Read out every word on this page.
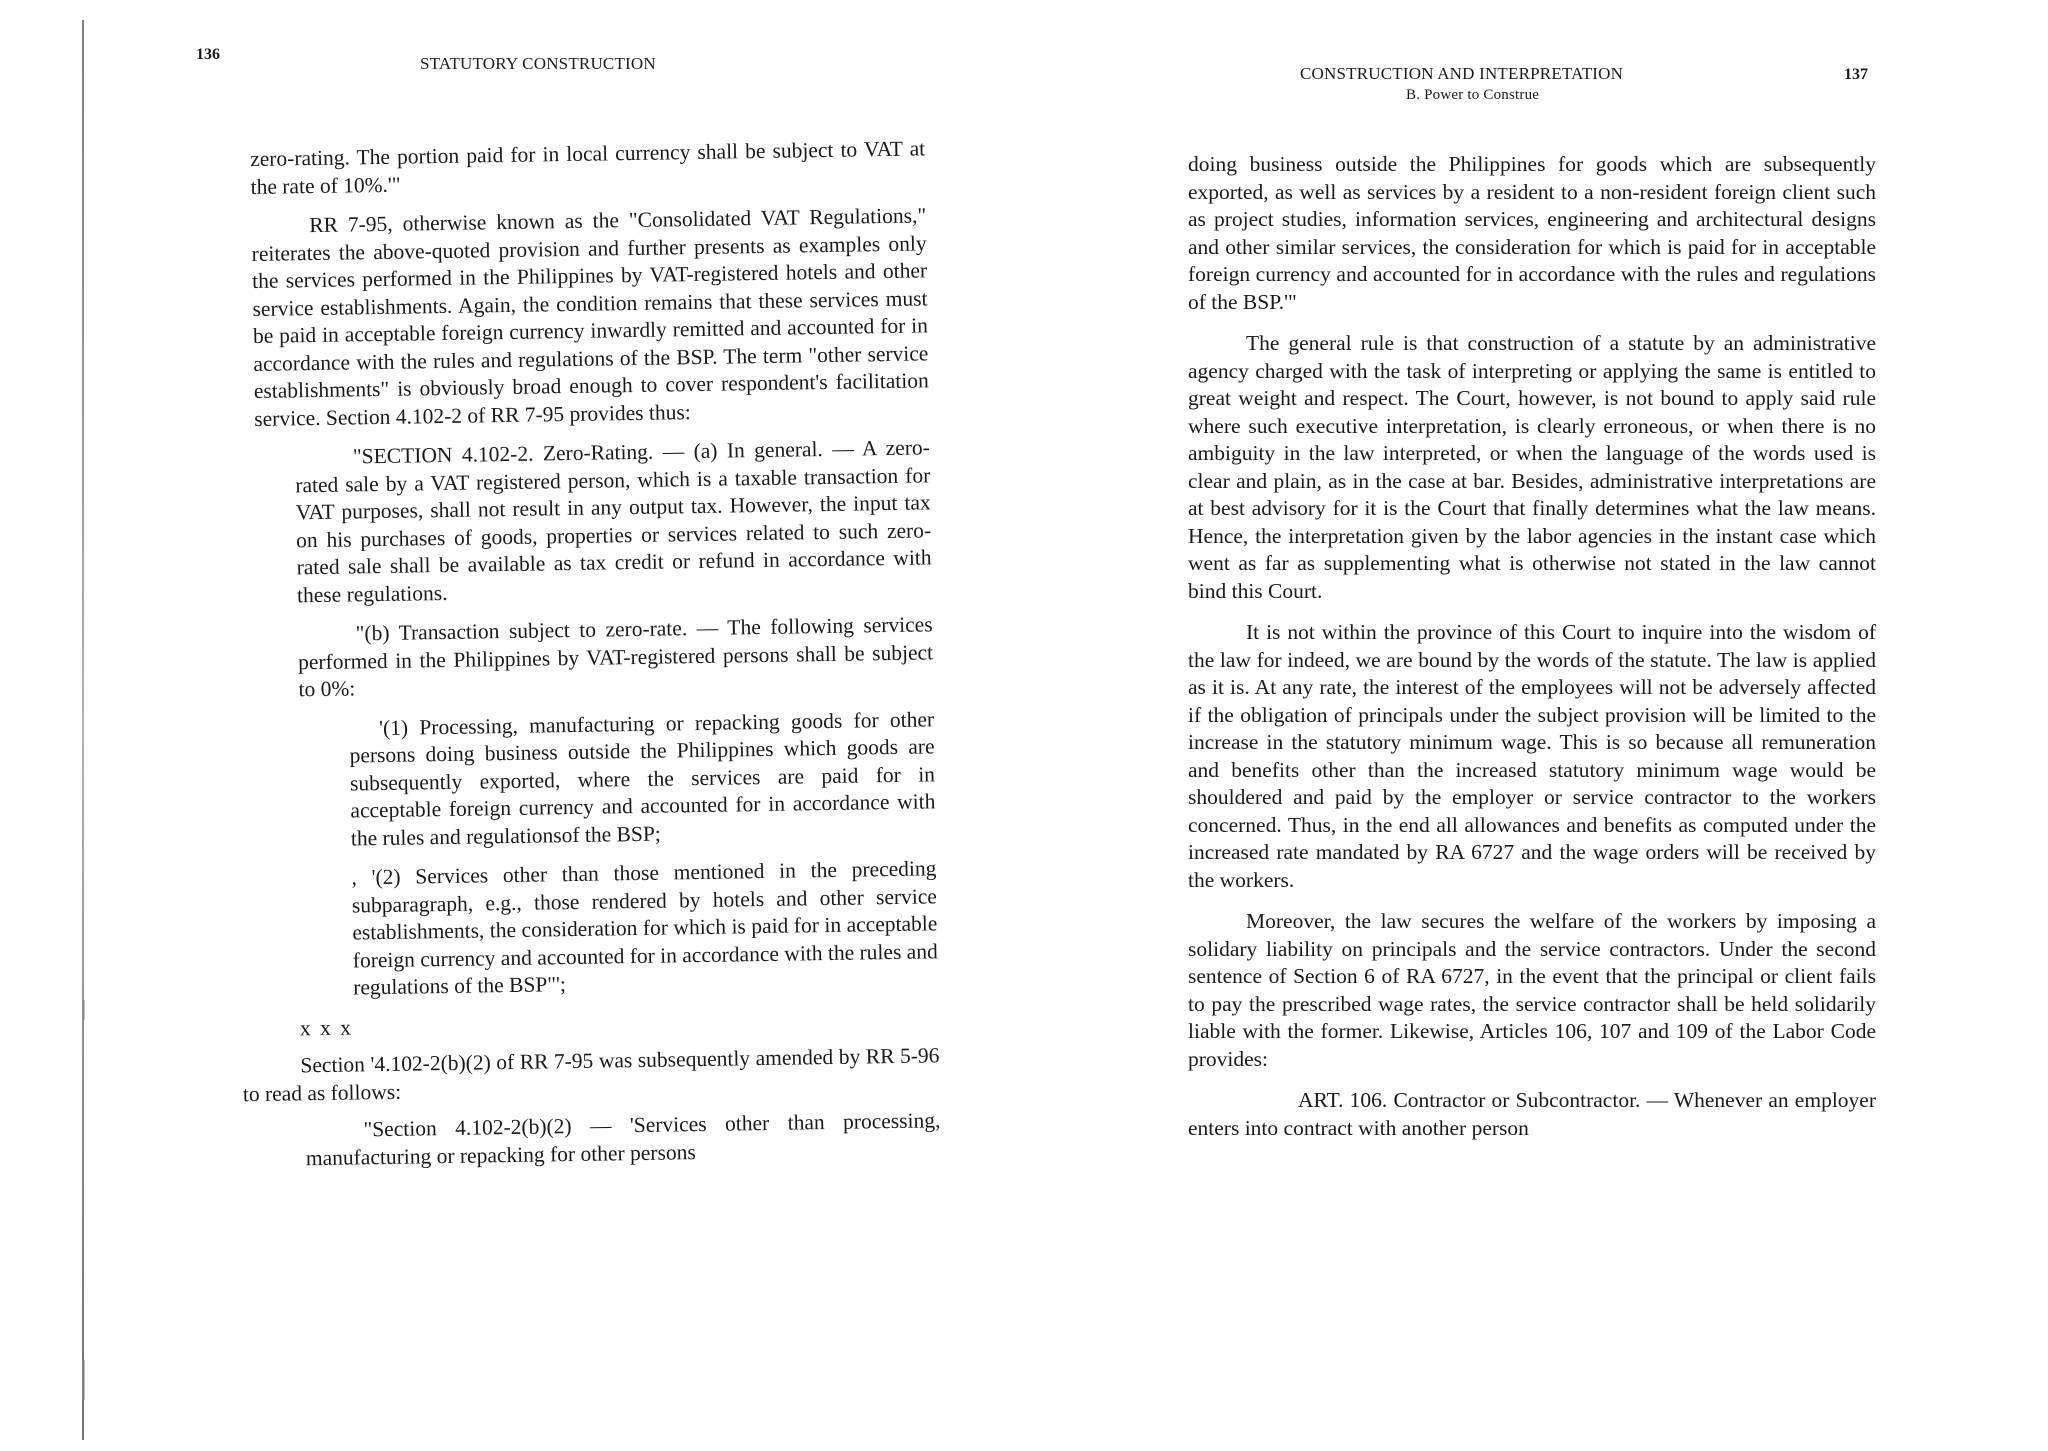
136	STATUTORY CONSTRUCTION

zero-rating. The portion paid for in local currency shall be subject to VAT at the rate of 10%.'"

RR 7-95, otherwise known as the "Consolidated VAT Regulations," reiterates the above-quoted provision and further presents as examples only the services performed in the Philippines by VAT-registered hotels and other service establishments. Again, the condition remains that these services must be paid in acceptable foreign currency inwardly remitted and accounted for in accordance with the rules and regulations of the BSP. The term "other service establishments" is obviously broad enough to cover respondent's facilitation service. Section 4.102-2 of RR 7-95 provides thus:

"SECTION 4.102-2. Zero-Rating. — (a) In general. — A zero-rated sale by a VAT registered person, which is a taxable transaction for VAT purposes, shall not result in any output tax. However, the input tax on his purchases of goods, properties or services related to such zero-rated sale shall be available as tax credit or refund in accordance with these regulations.

"(b) Transaction subject to zero-rate. — The following services performed in the Philippines by VAT-registered persons shall be subject to 0%:

'(1) Processing, manufacturing or repacking goods for other persons doing business outside the Philippines which goods are subsequently exported, where the services are paid for in acceptable foreign currency and accounted for in accordance with the rules and regulationsof the BSP;

, '(2) Services other than those mentioned in the preceding subparagraph, e.g., those rendered by hotels and other service establishments, the consideration for which is paid for in acceptable foreign currency and accounted for in accordance with the rules and regulations of the BSP"';

x x x

Section '4.102-2(b)(2) of RR 7-95 was subsequently amended by RR 5-96 to read as follows:

"Section 4.102-2(b)(2) — 'Services other than processing, manufacturing or repacking for other persons

137
CONSTRUCTION AND INTERPRETATION
B. Power to Construe

doing business outside the Philippines for goods which are subsequently exported, as well as services by a resident to a non-resident foreign client such as project studies, information services, engineering and architectural designs and other similar services, the consideration for which is paid for in acceptable foreign currency and accounted for in accordance with the rules and regulations of the BSP.'"

The general rule is that construction of a statute by an administrative agency charged with the task of interpreting or applying the same is entitled to great weight and respect. The Court, however, is not bound to apply said rule where such executive interpretation, is clearly erroneous, or when there is no ambiguity in the law interpreted, or when the language of the words used is clear and plain, as in the case at bar. Besides, administrative interpretations are at best advisory for it is the Court that finally determines what the law means. Hence, the interpretation given by the labor agencies in the instant case which went as far as supplementing what is otherwise not stated in the law cannot bind this Court.

It is not within the province of this Court to inquire into the wisdom of the law for indeed, we are bound by the words of the statute. The law is applied as it is. At any rate, the interest of the employees will not be adversely affected if the obligation of principals under the subject provision will be limited to the increase in the statutory minimum wage. This is so because all remuneration and benefits other than the increased statutory minimum wage would be shouldered and paid by the employer or service contractor to the workers concerned. Thus, in the end all allowances and benefits as computed under the increased rate mandated by RA 6727 and the wage orders will be received by the workers.

Moreover, the law secures the welfare of the workers by imposing a solidary liability on principals and the service contractors. Under the second sentence of Section 6 of RA 6727, in the event that the principal or client fails to pay the prescribed wage rates, the service contractor shall be held solidarily liable with the former. Likewise, Articles 106, 107 and 109 of the Labor Code provides:

ART. 106. Contractor or Subcontractor. — Whenever an employer enters into contract with another person
